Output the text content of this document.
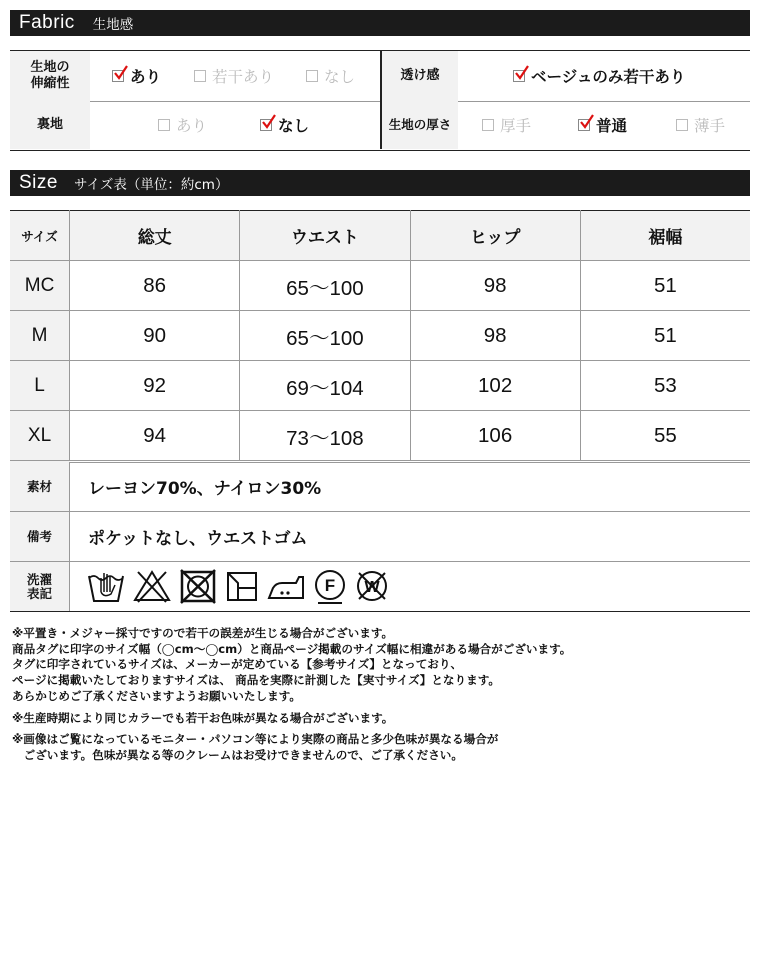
Fabric 生地感
生地の
伸縮性	あり	若干あり	なし	透け感	ベージュのみ若干あり
裏地	あり	なし	生地の厚さ	厚手	普通	薄手
Size サイズ表（単位：約cm）
サイズ	総丈	ウエスト	ヒップ	裾幅
MC	86	65〜100	98	51
M	90	65〜100	98	51
L	92	69〜104	102	53
XL	94	73〜108	106	55
素材	レーヨン70%、ナイロン30%
備考	ポケットなし、ウエストゴム
洗濯
表記	F W

※平置き・メジャー採寸ですので若干の誤差が生じる場合がございます。

商品タグに印字のサイズ幅（◯cm〜◯cm）と商品ページ掲載のサイズ幅に相違がある場合がございます。

タグに印字されているサイズは、メーカーが定めている【参考サイズ】となっており、

ページに掲載いたしておりますサイズは、 商品を実際に計測した【実寸サイズ】となります。

あらかじめご了承くださいますようお願いいたします。

※生産時期により同じカラーでも若干お色味が異なる場合がございます。

※画像はご覧になっているモニター・パソコン等により実際の商品と多少色味が異なる場合が

　ございます。色味が異なる等のクレームはお受けできませんので、ご了承ください。
